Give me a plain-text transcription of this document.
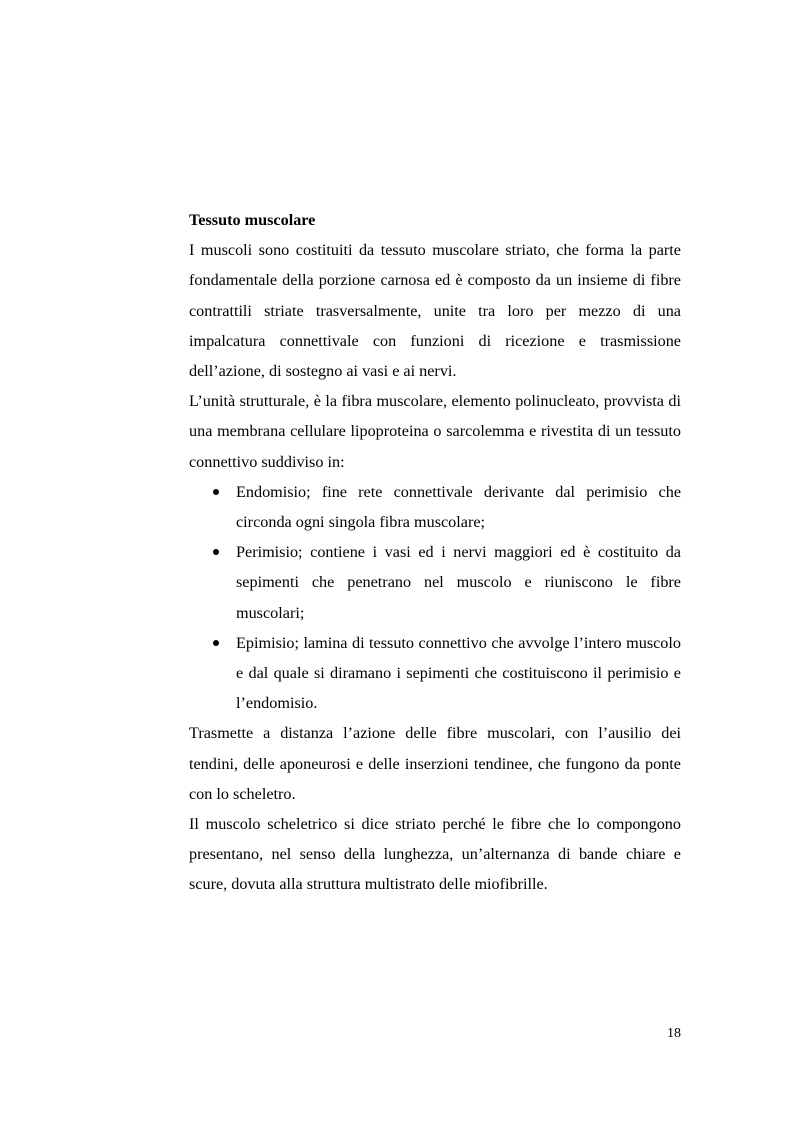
Tessuto muscolare

I muscoli sono costituiti da tessuto muscolare striato, che forma la parte fondamentale della porzione carnosa ed è composto da un insieme di fibre contrattili striate trasversalmente, unite tra loro per mezzo di una impalcatura connettivale con funzioni di ricezione e trasmissione dell’azione, di sostegno ai vasi e ai nervi.

L’unità strutturale, è la fibra muscolare, elemento polinucleato, provvista di una membrana cellulare lipoproteina o sarcolemma e rivestita di un tessuto connettivo suddiviso in:

Endomisio; fine rete connettivale derivante dal perimisio che circonda ogni singola fibra muscolare;
Perimisio; contiene i vasi ed i nervi maggiori ed è costituito da sepimenti che penetrano nel muscolo e riuniscono le fibre muscolari;
Epimisio; lamina di tessuto connettivo che avvolge l’intero muscolo e dal quale si diramano i sepimenti che costituiscono il perimisio e l’endomisio.

Trasmette a distanza l’azione delle fibre muscolari, con l’ausilio dei tendini, delle aponeurosi e delle inserzioni tendinee, che fungono da ponte con lo scheletro.

Il muscolo scheletrico si dice striato perché le fibre che lo compongono presentano, nel senso della lunghezza, un’alternanza di bande chiare e scure, dovuta alla struttura multistrato delle miofibrille.

18
